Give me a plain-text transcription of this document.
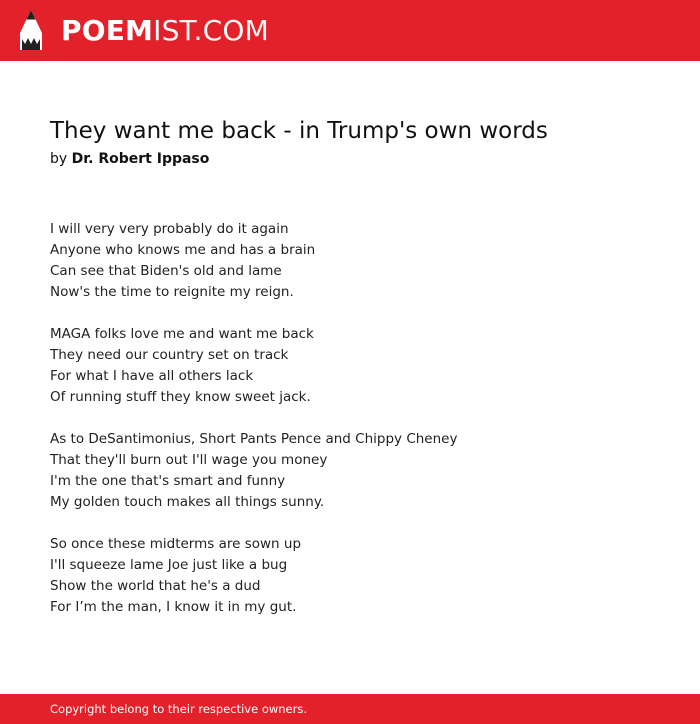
POEMIST.COM
They want me back - in Trump's own words
by Dr. Robert Ippaso
I will very very probably do it again
Anyone who knows me and has a brain
Can see that Biden's old and lame
Now's the time to reignite my reign.
MAGA folks love me and want me back
They need our country set on track
For what I have all others lack
Of running stuff they know sweet jack.
As to DeSantimonius, Short Pants Pence and Chippy Cheney
That they'll burn out I'll wage you money
I'm the one that's smart and funny
My golden touch makes all things sunny.
So once these midterms are sown up
I'll squeeze lame Joe just like a bug
Show the world that he's a dud
For I’m the man, I know it in my gut.
Copyright belong to their respective owners.
